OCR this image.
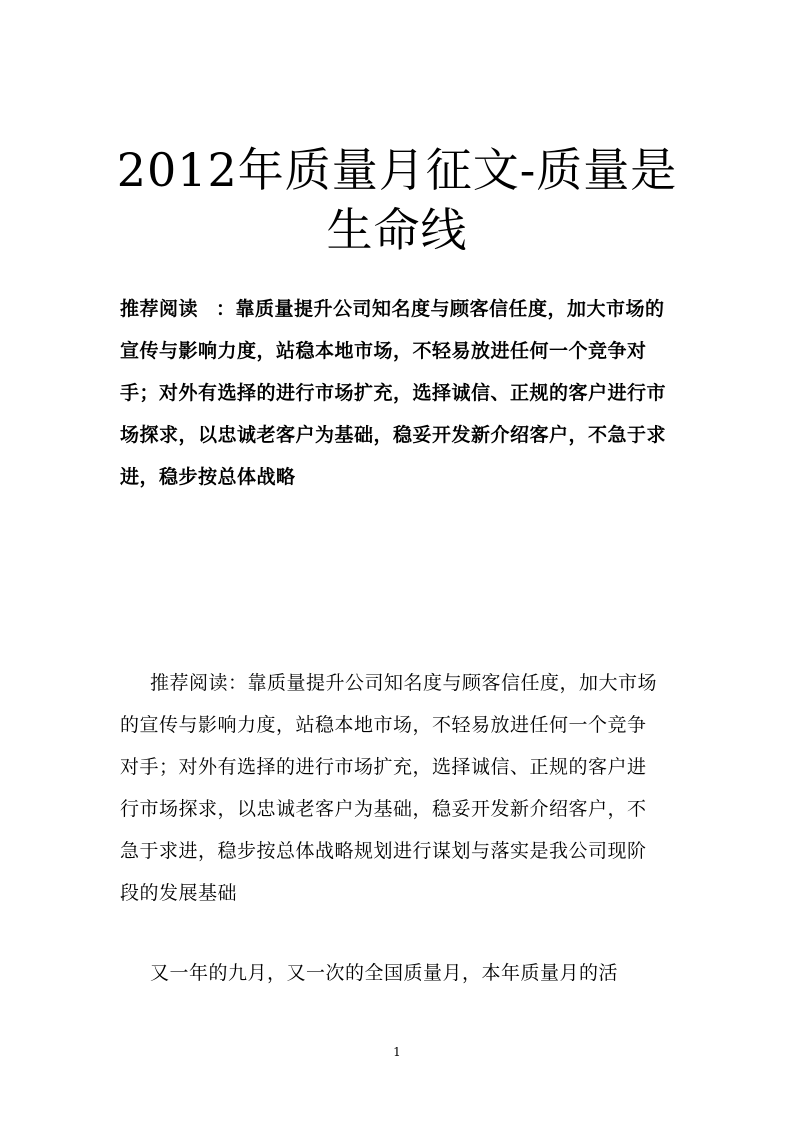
2012年质量月征文-质量是生命线

推荐阅读 ：靠质量提升公司知名度与顾客信任度，加大市场的宣传与影响力度，站稳本地市场，不轻易放进任何一个竞争对手；对外有选择的进行市场扩充，选择诚信、正规的客户进行市场探求，以忠诚老客户为基础，稳妥开发新介绍客户，不急于求进，稳步按总体战略

推荐阅读：靠质量提升公司知名度与顾客信任度，加大市场的宣传与影响力度，站稳本地市场，不轻易放进任何一个竞争对手；对外有选择的进行市场扩充，选择诚信、正规的客户进行市场探求，以忠诚老客户为基础，稳妥开发新介绍客户，不急于求进，稳步按总体战略规划进行谋划与落实是我公司现阶段的发展基础

又一年的九月，又一次的全国质量月，本年质量月的活

1
